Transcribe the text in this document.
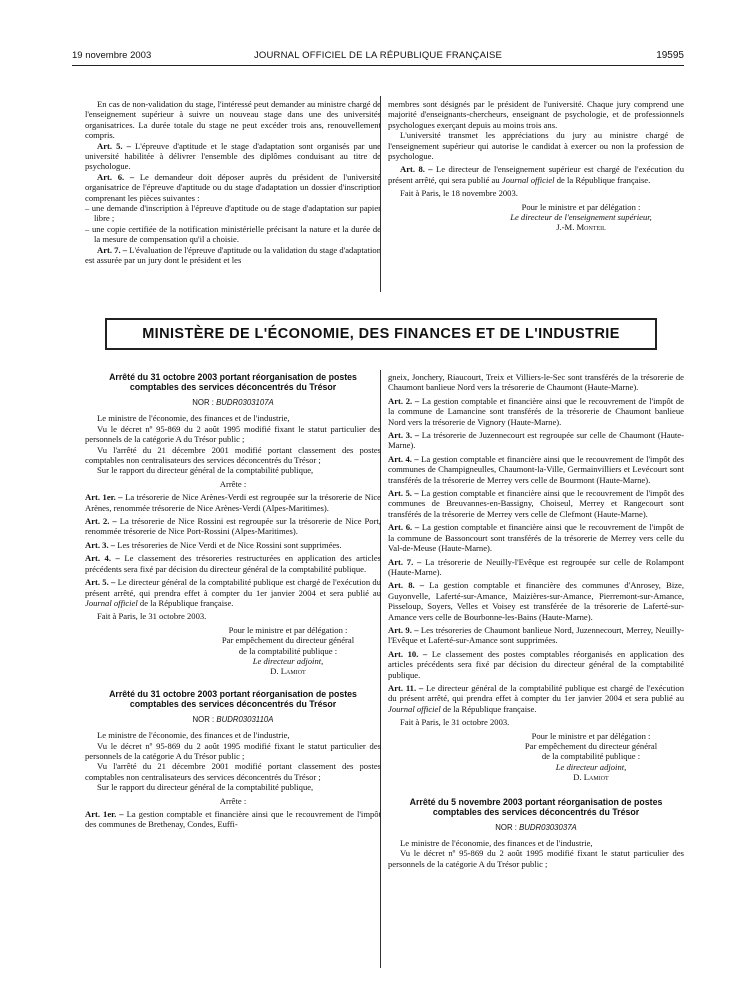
19 novembre 2003	JOURNAL OFFICIEL DE LA RÉPUBLIQUE FRANÇAISE	19595

En cas de non-validation du stage, l'intéressé peut demander au ministre chargé de l'enseignement supérieur à suivre un nouveau stage dans une des universités organisatrices. La durée totale du stage ne peut excéder trois ans, renouvellement compris.

Art. 5. – L'épreuve d'aptitude et le stage d'adaptation sont organisés par une université habilitée à délivrer l'ensemble des diplômes conduisant au titre de psychologue.

Art. 6. – Le demandeur doit déposer auprès du président de l'université organisatrice de l'épreuve d'aptitude ou du stage d'adaptation un dossier d'inscription comprenant les pièces suivantes :

– une demande d'inscription à l'épreuve d'aptitude ou de stage d'adaptation sur papier libre ;

– une copie certifiée de la notification ministérielle précisant la nature et la durée de la mesure de compensation qu'il a choisie.

Art. 7. – L'évaluation de l'épreuve d'aptitude ou la validation du stage d'adaptation est assurée par un jury dont le président et les

membres sont désignés par le président de l'université. Chaque jury comprend une majorité d'enseignants-chercheurs, enseignant de psychologie, et de professionnels psychologues exerçant depuis au moins trois ans.

L'université transmet les appréciations du jury au ministre chargé de l'enseignement supérieur qui autorise le candidat à exercer ou non la profession de psychologue.

Art. 8. – Le directeur de l'enseignement supérieur est chargé de l'exécution du présent arrêté, qui sera publié au Journal officiel de la République française.

Fait à Paris, le 18 novembre 2003.

Pour le ministre et par délégation :

Le directeur de l'enseignement supérieur,

J.-M. Monteil

MINISTÈRE DE L'ÉCONOMIE, DES FINANCES ET DE L'INDUSTRIE
Arrêté du 31 octobre 2003 portant réorganisation de postes comptables des services déconcentrés du Trésor
NOR : BUDR0303107A

Le ministre de l'économie, des finances et de l'industrie,

Vu le décret nº 95-869 du 2 août 1995 modifié fixant le statut particulier des personnels de la catégorie A du Trésor public ;

Vu l'arrêté du 21 décembre 2001 modifié portant classement des postes comptables non centralisateurs des services déconcentrés du Trésor ;

Sur le rapport du directeur général de la comptabilité publique,

Arrête :

Art. 1er. – La trésorerie de Nice Arènes-Verdi est regroupée sur la trésorerie de Nice Arènes, renommée trésorerie de Nice Arènes-Verdi (Alpes-Maritimes).

Art. 2. – La trésorerie de Nice Rossini est regroupée sur la trésorerie de Nice Port, renommée trésorerie de Nice Port-Rossini (Alpes-Maritimes).

Art. 3. – Les trésoreries de Nice Verdi et de Nice Rossini sont supprimées.

Art. 4. – Le classement des trésoreries restructurées en application des articles précédents sera fixé par décision du directeur général de la comptabilité publique.

Art. 5. – Le directeur général de la comptabilité publique est chargé de l'exécution du présent arrêté, qui prendra effet à compter du 1er janvier 2004 et sera publié au Journal officiel de la République française.

Fait à Paris, le 31 octobre 2003.

Pour le ministre et par délégation :

Par empêchement du directeur général

de la comptabilité publique :

Le directeur adjoint,

D. Lamiot

Arrêté du 31 octobre 2003 portant réorganisation de postes comptables des services déconcentrés du Trésor
NOR : BUDR0303110A

Le ministre de l'économie, des finances et de l'industrie,

Vu le décret nº 95-869 du 2 août 1995 modifié fixant le statut particulier des personnels de la catégorie A du Trésor public ;

Vu l'arrêté du 21 décembre 2001 modifié portant classement des postes comptables non centralisateurs des services déconcentrés du Trésor ;

Sur le rapport du directeur général de la comptabilité publique,

Arrête :

Art. 1er. – La gestion comptable et financière ainsi que le recouvrement de l'impôt des communes de Brethenay, Condes, Euffi-

gneix, Jonchery, Riaucourt, Treix et Villiers-le-Sec sont transférés de la trésorerie de Chaumont banlieue Nord vers la trésorerie de Chaumont (Haute-Marne).

Art. 2. – La gestion comptable et financière ainsi que le recouvrement de l'impôt de la commune de Lamancine sont transférés de la trésorerie de Chaumont banlieue Nord vers la trésorerie de Vignory (Haute-Marne).

Art. 3. – La trésorerie de Juzennecourt est regroupée sur celle de Chaumont (Haute-Marne).

Art. 4. – La gestion comptable et financière ainsi que le recouvrement de l'impôt des communes de Champigneulles, Chaumont-la-Ville, Germainvilliers et Levécourt sont transférés de la trésorerie de Merrey vers celle de Bourmont (Haute-Marne).

Art. 5. – La gestion comptable et financière ainsi que le recouvrement de l'impôt des communes de Breuvannes-en-Bassigny, Choiseul, Merrey et Rangecourt sont transférés de la trésorerie de Merrey vers celle de Clefmont (Haute-Marne).

Art. 6. – La gestion comptable et financière ainsi que le recouvrement de l'impôt de la commune de Bassoncourt sont transférés de la trésorerie de Merrey vers celle du Val-de-Meuse (Haute-Marne).

Art. 7. – La trésorerie de Neuilly-l'Evêque est regroupée sur celle de Rolampont (Haute-Marne).

Art. 8. – La gestion comptable et financière des communes d'Anrosey, Bize, Guyonvelle, Laferté-sur-Amance, Maizières-sur-Amance, Pierremont-sur-Amance, Pisseloup, Soyers, Velles et Voisey est transférée de la trésorerie de Laferté-sur-Amance vers celle de Bourbonne-les-Bains (Haute-Marne).

Art. 9. – Les trésoreries de Chaumont banlieue Nord, Juzennecourt, Merrey, Neuilly-l'Evêque et Laferté-sur-Amance sont supprimées.

Art. 10. – Le classement des postes comptables réorganisés en application des articles précédents sera fixé par décision du directeur général de la comptabilité publique.

Art. 11. – Le directeur général de la comptabilité publique est chargé de l'exécution du présent arrêté, qui prendra effet à compter du 1er janvier 2004 et sera publié au Journal officiel de la République française.

Fait à Paris, le 31 octobre 2003.

Pour le ministre et par délégation :

Par empêchement du directeur général

de la comptabilité publique :

Le directeur adjoint,

D. Lamiot

Arrêté du 5 novembre 2003 portant réorganisation de postes comptables des services déconcentrés du Trésor
NOR : BUDR0303037A

Le ministre de l'économie, des finances et de l'industrie,

Vu le décret nº 95-869 du 2 août 1995 modifié fixant le statut particulier des personnels de la catégorie A du Trésor public ;
